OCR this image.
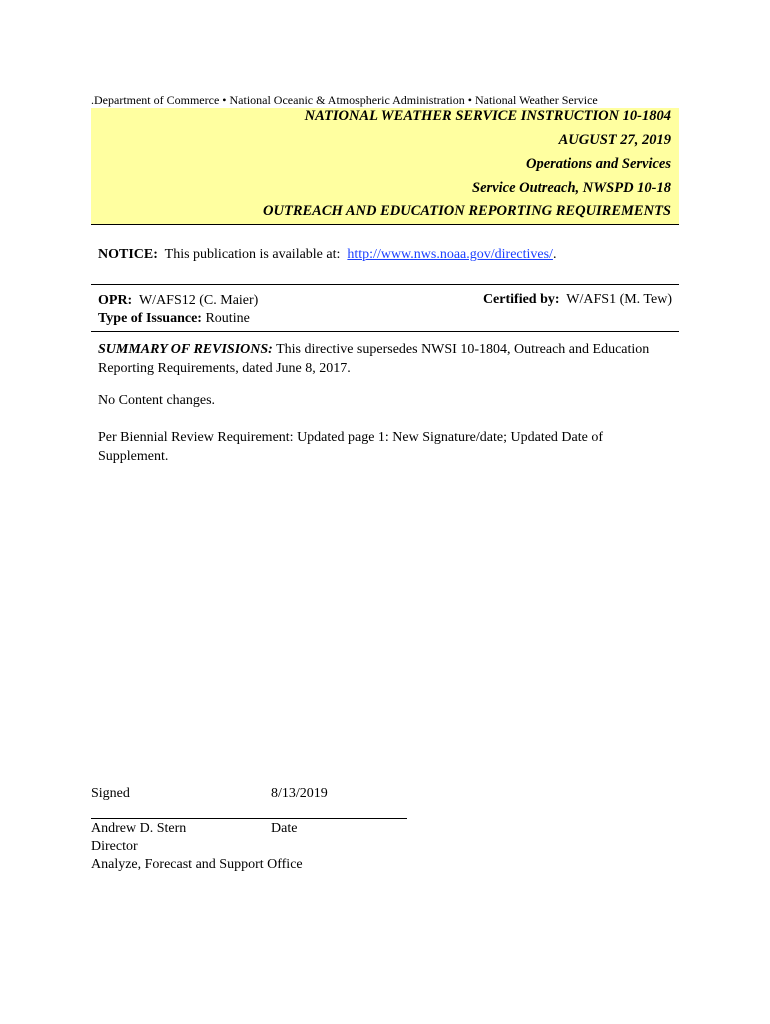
.Department of Commerce • National Oceanic & Atmospheric Administration • National Weather Service
NATIONAL WEATHER SERVICE INSTRUCTION 10-1804
AUGUST 27, 2019
Operations and Services
Service Outreach, NWSPD 10-18
OUTREACH AND EDUCATION REPORTING REQUIREMENTS
NOTICE: This publication is available at: http://www.nws.noaa.gov/directives/.
OPR: W/AFS12 (C. Maier)
Type of Issuance: Routine
Certified by: W/AFS1 (M. Tew)
SUMMARY OF REVISIONS: This directive supersedes NWSI 10-1804, Outreach and Education Reporting Requirements, dated June 8, 2017.
No Content changes.
Per Biennial Review Requirement: Updated page 1: New Signature/date; Updated Date of Supplement.
Signed	8/13/2019
Andrew D. Stern	Date
Director
Analyze, Forecast and Support Office
